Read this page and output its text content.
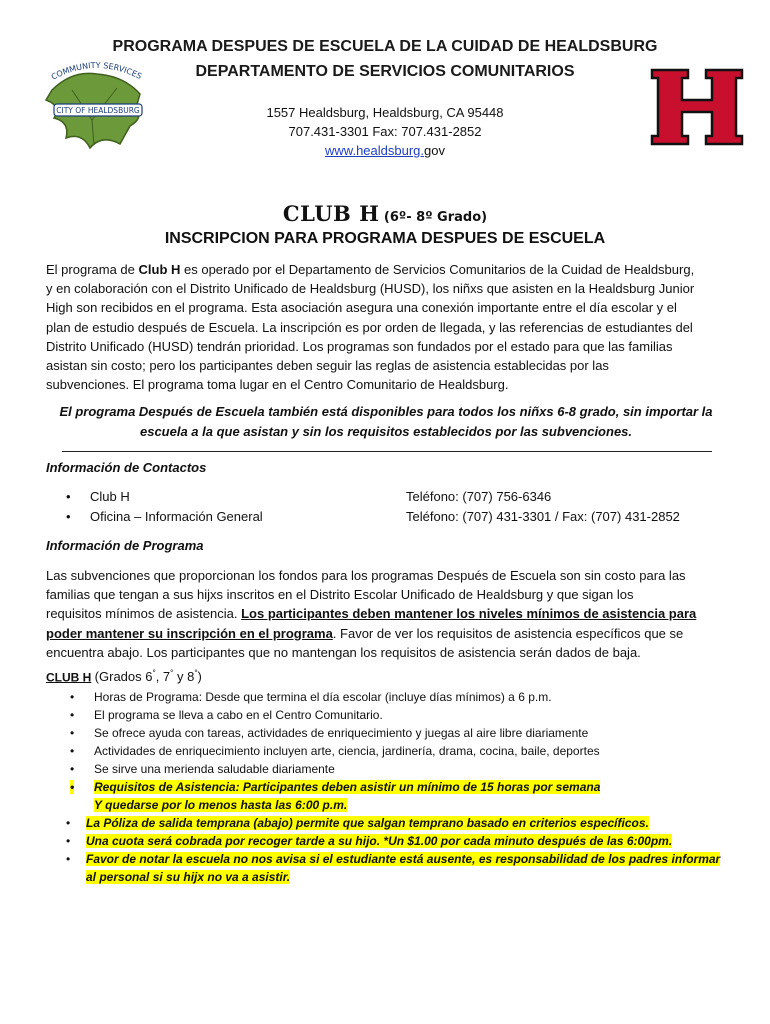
PROGRAMA DESPUES DE ESCUELA DE LA CUIDAD DE HEALDSBURG
DEPARTAMENTO DE SERVICIOS COMUNITARIOS
1557 Healdsburg, Healdsburg, CA 95448
707.431-3301 Fax: 707.431-2852
www.healdsburg.gov
CITY OF HEALDSBURG
COMMUNITY SERVICES
CLUB H (6º- 8º Grado)
INSCRIPCION PARA PROGRAMA DESPUES DE ESCUELA
El programa de Club H es operado por el Departamento de Servicios Comunitarios de la Cuidad de Healdsburg,
y en colaboración con el Distrito Unificado de Healdsburg (HUSD), los niñxs que asisten en la Healdsburg Junior
High son recibidos en el programa. Esta asociación asegura una conexión importante entre el día escolar y el
plan de estudio después de Escuela. La inscripción es por orden de llegada, y las referencias de estudiantes del
Distrito Unificado (HUSD) tendrán prioridad. Los programas son fundados por el estado para que las familias
asistan sin costo; pero los participantes deben seguir las reglas de asistencia establecidas por las
subvenciones. El programa toma lugar en el Centro Comunitario de Healdsburg.
El programa Después de Escuela también está disponibles para todos los niñxs 6-8 grado, sin importar la
escuela a la que asistan y sin los requisitos establecidos por las subvenciones.
Información de Contactos
• Club H	Teléfono: (707) 756-6346
• Oficina – Información General	Teléfono: (707) 431-3301 / Fax: (707) 431-2852
Información de Programa
Las subvenciones que proporcionan los fondos para los programas Después de Escuela son sin costo para las
familias que tengan a sus hijxs inscritos en el Distrito Escolar Unificado de Healdsburg y que sigan los
requisitos mínimos de asistencia. Los participantes deben mantener los niveles mínimos de asistencia para
poder mantener su inscripción en el programa. Favor de ver los requisitos de asistencia específicos que se
encuentra abajo. Los participantes que no mantengan los requisitos de asistencia serán dados de baja.
CLUB H (Grados 6°, 7° y 8°)
• Horas de Programa: Desde que termina el día escolar (incluye días mínimos) a 6 p.m.
• El programa se lleva a cabo en el Centro Comunitario.
• Se ofrece ayuda con tareas, actividades de enriquecimiento y juegas al aire libre diariamente
• Actividades de enriquecimiento incluyen arte, ciencia, jardinería, drama, cocina, baile, deportes
• Se sirve una merienda saludable diariamente
• Requisitos de Asistencia: Participantes deben asistir un mínimo de 15 horas por semana
Y quedarse por lo menos hasta las 6:00 p.m.
• La Póliza de salida temprana (abajo) permite que salgan temprano basado en criterios específicos.
• Una cuota será cobrada por recoger tarde a su hijo. *Un $1.00 por cada minuto después de las 6:00pm.
• Favor de notar la escuela no nos avisa si el estudiante está ausente, es responsabilidad de los padres informar
al personal si su hijx no va a asistir.
